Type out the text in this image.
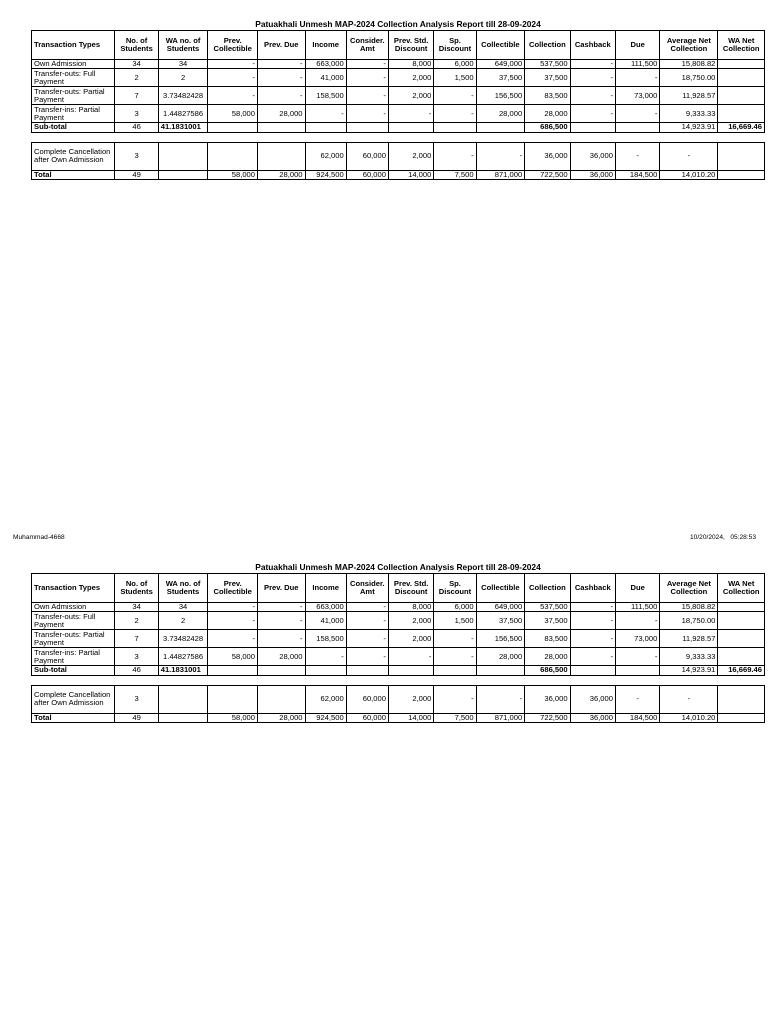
Patuakhali Unmesh MAP-2024 Collection Analysis Report till 28-09-2024
Transaction Types	No. of Students	WA no. of Students	Prev. Collectible	Prev. Due	Income	Consider. Amt	Prev. Std. Discount	Sp. Discount	Collectible	Collection	Cashback	Due	Average Net Collection	WA Net Collection
Own Admission	34	34	-	-	663,000	-	8,000	6,000	649,000	537,500	-	111,500	15,808.82	
Transfer-outs: Full Payment	2	2	-	-	41,000	-	2,000	1,500	37,500	37,500	-	-	18,750.00	
Transfer-outs: Partial Payment	7	3.73482428	-	-	158,500	-	2,000	-	156,500	83,500	-	73,000	11,928.57	
Transfer-ins: Partial Payment	3	1.44827586	58,000	28,000	-	-	-	-	28,000	28,000	-	-	9,333.33	
Sub-total	46	41.1831001								686,500			14,923.91	16,669.46
Complete Cancellation after Own Admission	3				62,000	60,000	2,000	-	-	36,000	36,000	-	-	
Total	49		58,000	28,000	924,500	60,000	14,000	7,500	871,000	722,500	36,000	184,500	14,010.20	
Muhammad-4668	10/20/2024, 05:28:53
Patuakhali Unmesh MAP-2024 Collection Analysis Report till 28-09-2024
Transaction Types	No. of Students	WA no. of Students	Prev. Collectible	Prev. Due	Income	Consider. Amt	Prev. Std. Discount	Sp. Discount	Collectible	Collection	Cashback	Due	Average Net Collection	WA Net Collection
Own Admission	34	34	-	-	663,000	-	8,000	6,000	649,000	537,500	-	111,500	15,808.82	
Transfer-outs: Full Payment	2	2	-	-	41,000	-	2,000	1,500	37,500	37,500	-	-	18,750.00	
Transfer-outs: Partial Payment	7	3.73482428	-	-	158,500	-	2,000	-	156,500	83,500	-	73,000	11,928.57	
Transfer-ins: Partial Payment	3	1.44827586	58,000	28,000	-	-	-	-	28,000	28,000	-	-	9,333.33	
Sub-total	46	41.1831001								686,500			14,923.91	16,669.46
Complete Cancellation after Own Admission	3				62,000	60,000	2,000	-	-	36,000	36,000	-	-	
Total	49		58,000	28,000	924,500	60,000	14,000	7,500	871,000	722,500	36,000	184,500	14,010.20	
